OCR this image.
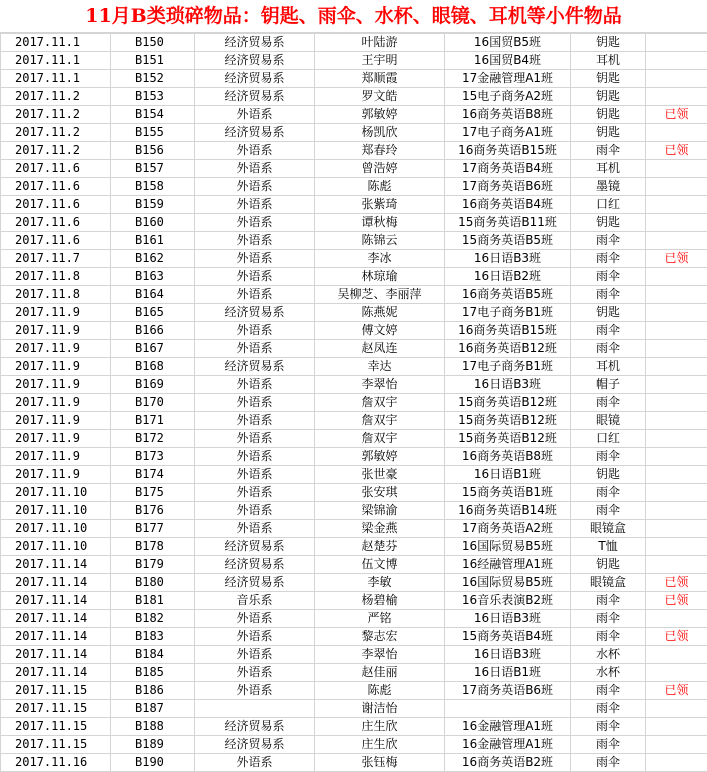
11月B类琐碎物品：钥匙、雨伞、水杯、眼镜、耳机等小件物品
2017.11.1	B150	经济贸易系	叶陆游	16国贸B5班	钥匙	
2017.11.1	B151	经济贸易系	王宇明	16国贸B4班	耳机	
2017.11.1	B152	经济贸易系	郑顺霞	17金融管理A1班	钥匙	
2017.11.2	B153	经济贸易系	罗文皓	15电子商务A2班	钥匙	
2017.11.2	B154	外语系	郭敏婷	16商务英语B8班	钥匙	已领
2017.11.2	B155	经济贸易系	杨凯欣	17电子商务A1班	钥匙	
2017.11.2	B156	外语系	郑春玲	16商务英语B15班	雨伞	已领
2017.11.6	B157	外语系	曾浩婷	17商务英语B4班	耳机	
2017.11.6	B158	外语系	陈彪	17商务英语B6班	墨镜	
2017.11.6	B159	外语系	张紫琦	16商务英语B4班	口红	
2017.11.6	B160	外语系	谭秋梅	15商务英语B11班	钥匙	
2017.11.6	B161	外语系	陈锦云	15商务英语B5班	雨伞	
2017.11.7	B162	外语系	李冰	16日语B3班	雨伞	已领
2017.11.8	B163	外语系	林琼瑜	16日语B2班	雨伞	
2017.11.8	B164	外语系	吴柳芝、李丽萍	16商务英语B5班	雨伞	
2017.11.9	B165	经济贸易系	陈燕妮	17电子商务B1班	钥匙	
2017.11.9	B166	外语系	傅文婷	16商务英语B15班	雨伞	
2017.11.9	B167	外语系	赵凤连	16商务英语B12班	雨伞	
2017.11.9	B168	经济贸易系	幸达	17电子商务B1班	耳机	
2017.11.9	B169	外语系	李翠怡	16日语B3班	帽子	
2017.11.9	B170	外语系	詹双宇	15商务英语B12班	雨伞	
2017.11.9	B171	外语系	詹双宇	15商务英语B12班	眼镜	
2017.11.9	B172	外语系	詹双宇	15商务英语B12班	口红	
2017.11.9	B173	外语系	郭敏婷	16商务英语B8班	雨伞	
2017.11.9	B174	外语系	张世豪	16日语B1班	钥匙	
2017.11.10	B175	外语系	张安琪	15商务英语B1班	雨伞	
2017.11.10	B176	外语系	梁锦渝	16商务英语B14班	雨伞	
2017.11.10	B177	外语系	梁金燕	17商务英语A2班	眼镜盒	
2017.11.10	B178	经济贸易系	赵楚芬	16国际贸易B5班	T恤	
2017.11.14	B179	经济贸易系	伍文博	16经融管理A1班	钥匙	
2017.11.14	B180	经济贸易系	李敏	16国际贸易B5班	眼镜盒	已领
2017.11.14	B181	音乐系	杨碧榆	16音乐表演B2班	雨伞	已领
2017.11.14	B182	外语系	严铭	16日语B3班	雨伞	
2017.11.14	B183	外语系	黎志宏	15商务英语B4班	雨伞	已领
2017.11.14	B184	外语系	李翠怡	16日语B3班	水杯	
2017.11.14	B185	外语系	赵佳丽	16日语B1班	水杯	
2017.11.15	B186	外语系	陈彪	17商务英语B6班	雨伞	已领
2017.11.15	B187		谢洁怡		雨伞	
2017.11.15	B188	经济贸易系	庄生欣	16金融管理A1班	雨伞	
2017.11.15	B189	经济贸易系	庄生欣	16金融管理A1班	雨伞	
2017.11.16	B190	外语系	张钰梅	16商务英语B2班	雨伞	
